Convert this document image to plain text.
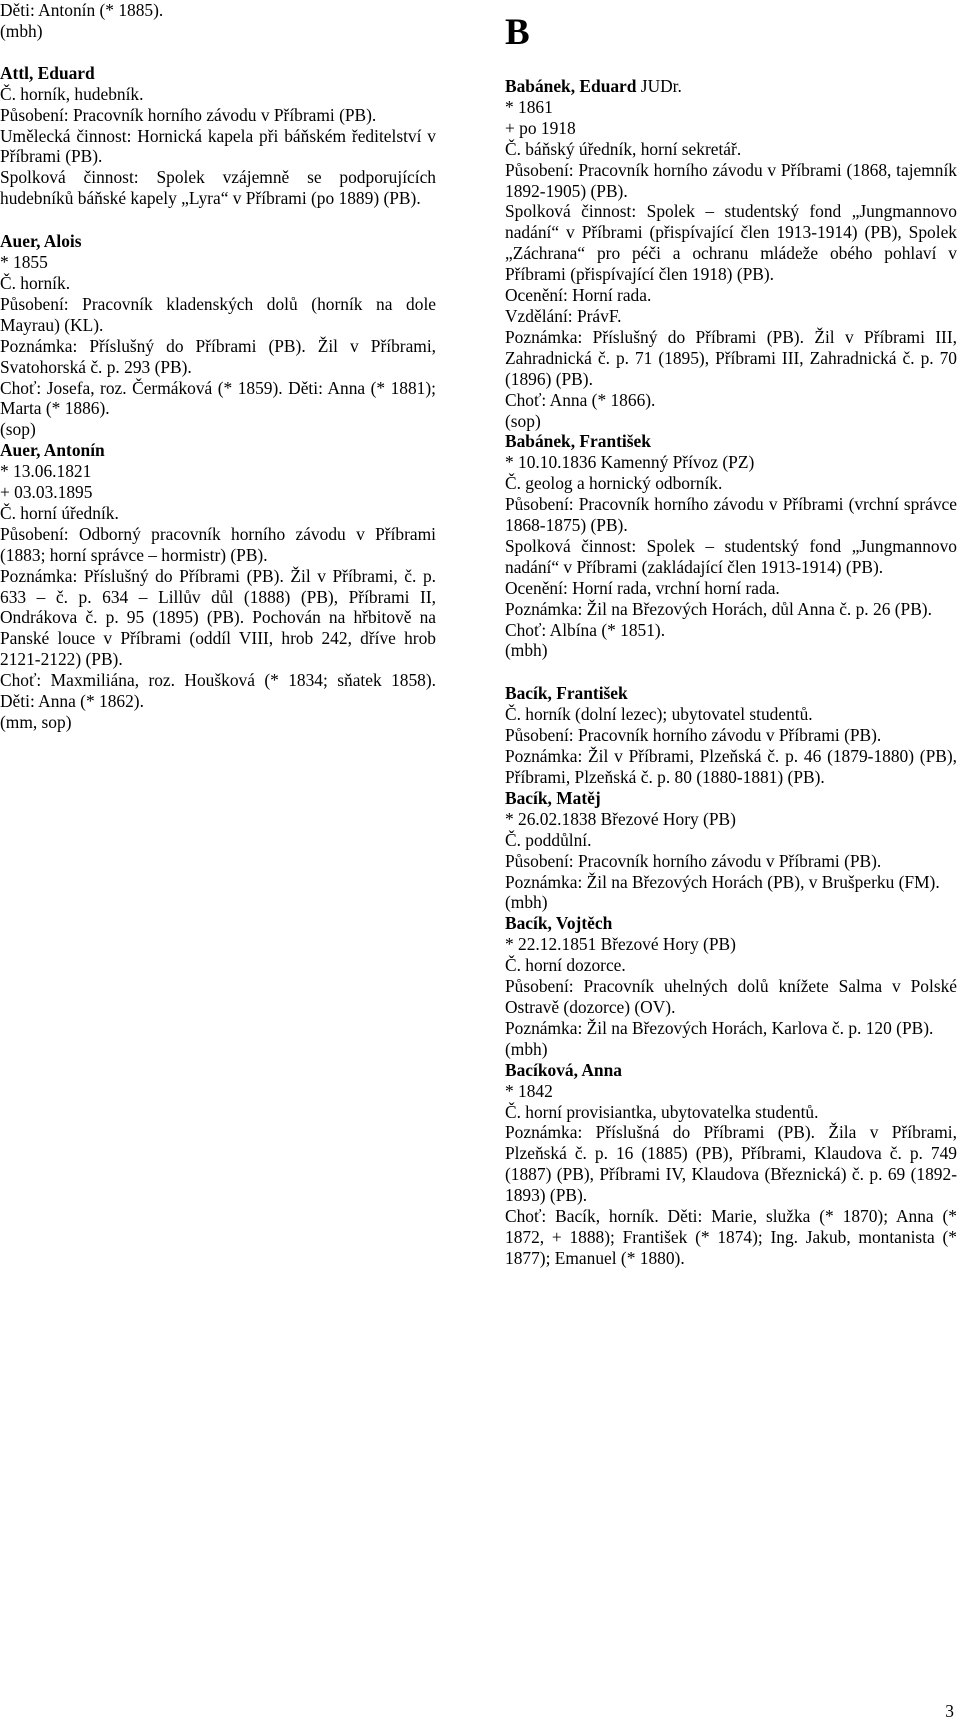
Děti: Antonín (* 1885).
(mbh)
Attl, Eduard
Č. horník, hudebník.
Působení: Pracovník horního závodu v Příbrami (PB).
Umělecká činnost: Hornická kapela při báňském ředitelství v Příbrami (PB).
Spolková činnost: Spolek vzájemně se podporujících hudebníků báňské kapely „Lyra“ v Příbrami (po 1889) (PB).
Auer, Alois
* 1855
Č. horník.
Působení: Pracovník kladenských dolů (horník na dole Mayrau) (KL).
Poznámka: Příslušný do Příbrami (PB). Žil v Příbrami, Svatohorská č. p. 293 (PB).
Choť: Josefa, roz. Čermáková (* 1859). Děti: Anna (* 1881); Marta (* 1886).
(sop)
Auer, Antonín
* 13.06.1821
+ 03.03.1895
Č. horní úředník.
Působení: Odborný pracovník horního závodu v Příbrami (1883; horní správce – hormistr) (PB).
Poznámka: Příslušný do Příbrami (PB). Žil v Příbrami, č. p. 633 – č. p. 634 – Lillův důl (1888) (PB), Příbrami II, Ondrákova č. p. 95 (1895) (PB). Pochován na hřbitově na Panské louce v Příbrami (oddíl VIII, hrob 242, dříve hrob 2121-2122) (PB).
Choť: Maxmiliána, roz. Houšková (* 1834; sňatek 1858). Děti: Anna (* 1862).
(mm, sop)
B
Babánek, Eduard JUDr.
* 1861
+ po 1918
Č. báňský úředník, horní sekretář.
Působení: Pracovník horního závodu v Příbrami (1868, tajemník 1892-1905) (PB).
Spolková činnost: Spolek – studentský fond „Jungmannovo nadání“ v Příbrami (přispívající člen 1913-1914) (PB), Spolek „Záchrana“ pro péči a ochranu mládeže obého pohlaví v Příbrami (přispívající člen 1918) (PB).
Ocenění: Horní rada.
Vzdělání: PrávF.
Poznámka: Příslušný do Příbrami (PB). Žil v Příbrami III, Zahradnická č. p. 71 (1895), Příbrami III, Zahradnická č. p. 70 (1896) (PB).
Choť: Anna (* 1866).
(sop)
Babánek, František
* 10.10.1836 Kamenný Přívoz (PZ)
Č. geolog a hornický odborník.
Působení: Pracovník horního závodu v Příbrami (vrchní správce 1868-1875) (PB).
Spolková činnost: Spolek – studentský fond „Jungmannovo nadání“ v Příbrami (zakládající člen 1913-1914) (PB).
Ocenění: Horní rada, vrchní horní rada.
Poznámka: Žil na Březových Horách, důl Anna č. p. 26 (PB).
Choť: Albína (* 1851).
(mbh)
Bacík, František
Č. horník (dolní lezec); ubytovatel studentů.
Působení: Pracovník horního závodu v Příbrami (PB).
Poznámka: Žil v Příbrami, Plzeňská č. p. 46 (1879-1880) (PB), Příbrami, Plzeňská č. p. 80 (1880-1881) (PB).
Bacík, Matěj
* 26.02.1838 Březové Hory (PB)
Č. poddůlní.
Působení: Pracovník horního závodu v Příbrami (PB).
Poznámka: Žil na Březových Horách (PB), v Brušperku (FM).
(mbh)
Bacík, Vojtěch
* 22.12.1851 Březové Hory (PB)
Č. horní dozorce.
Působení: Pracovník uhelných dolů knížete Salma v Polské Ostravě (dozorce) (OV).
Poznámka: Žil na Březových Horách, Karlova č. p. 120 (PB).
(mbh)
Bacíková, Anna
* 1842
Č. horní provisiantka, ubytovatelka studentů.
Poznámka: Příslušná do Příbrami (PB). Žila v Příbrami, Plzeňská č. p. 16 (1885) (PB), Příbrami, Klaudova č. p. 749 (1887) (PB), Příbrami IV, Klaudova (Březnická) č. p. 69 (1892-1893) (PB).
Choť: Bacík, horník. Děti: Marie, služka (* 1870); Anna (* 1872, + 1888); František (* 1874); Ing. Jakub, montanista (* 1877); Emanuel (* 1880).
3
